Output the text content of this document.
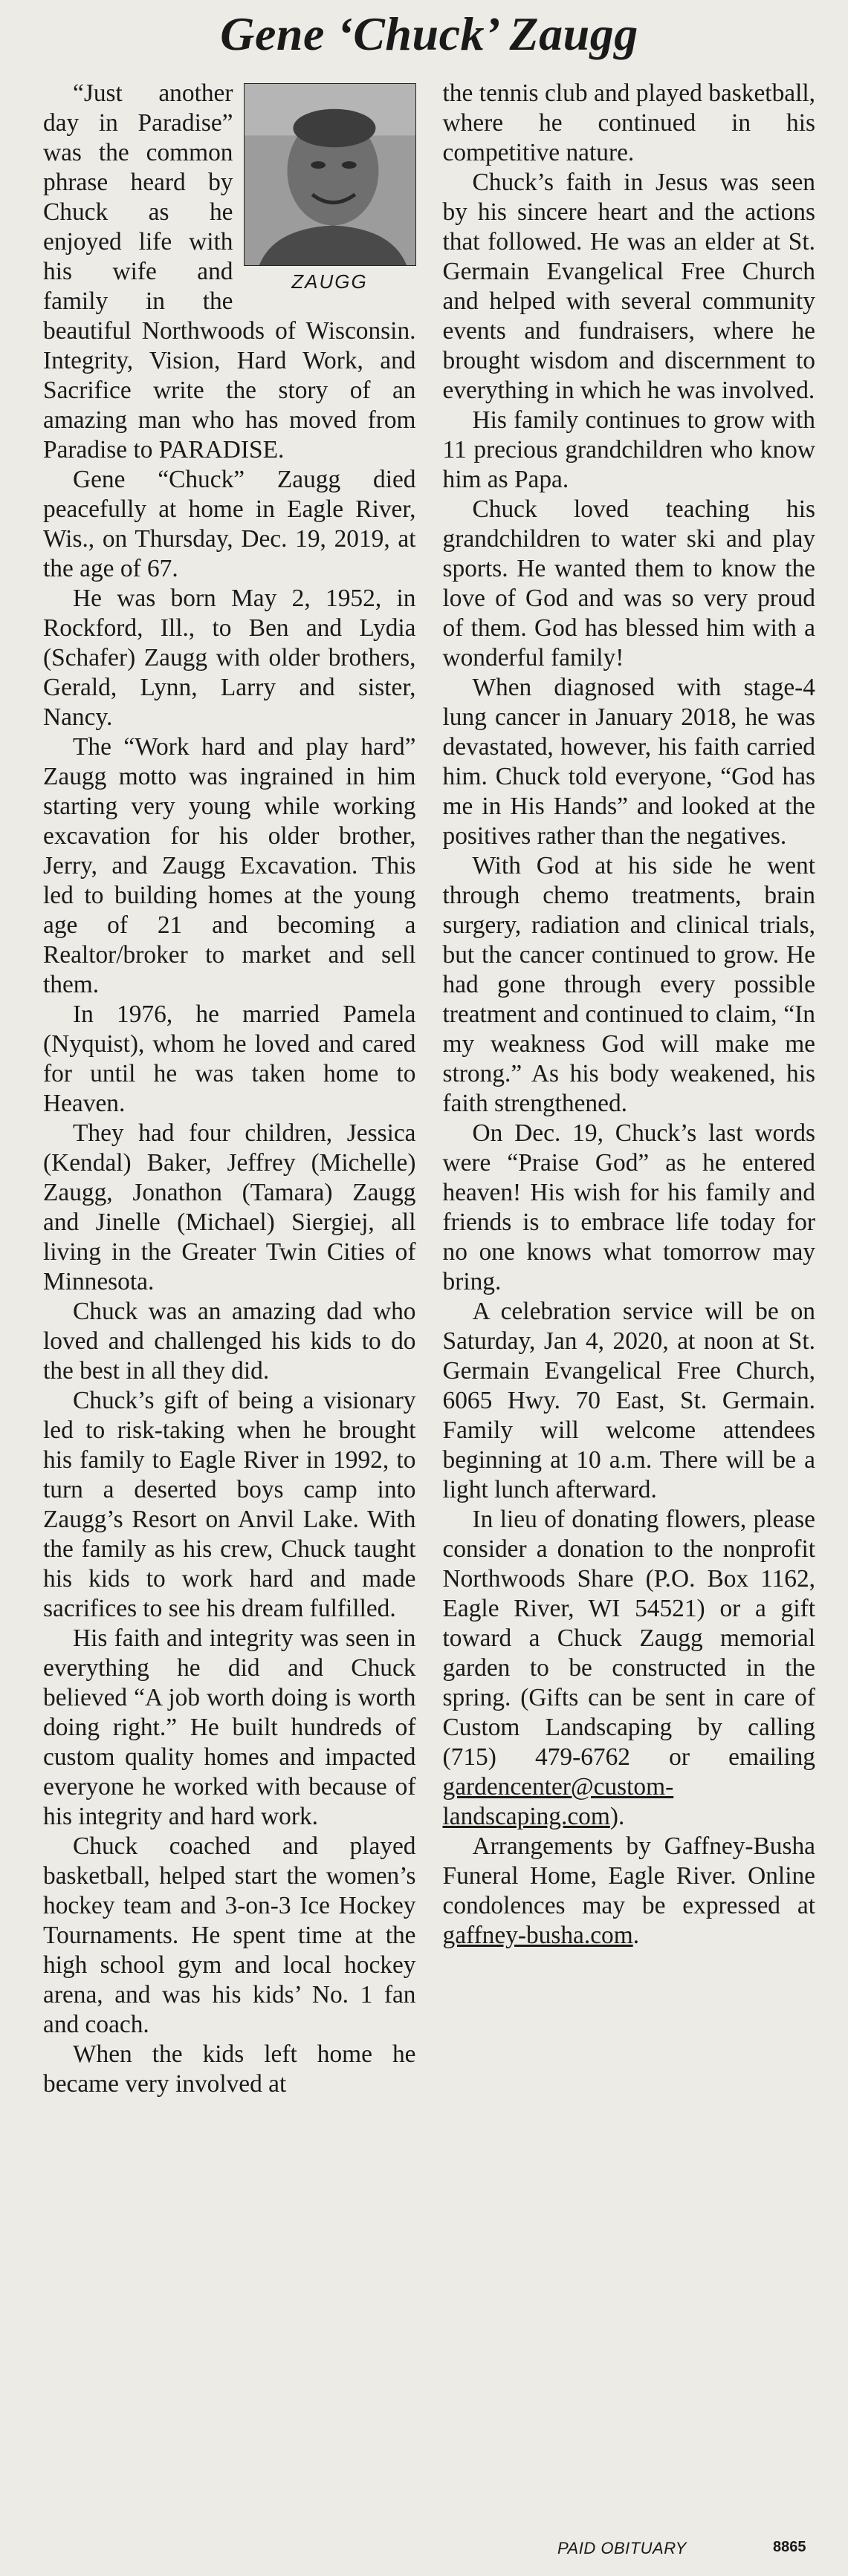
Gene ‘Chuck’ Zaugg
ZAUGG

“Just another day in Paradise” was the common phrase heard by Chuck as he enjoyed life with his wife and family in the beautiful Northwoods of Wisconsin. Integrity, Vision, Hard Work, and Sacrifice write the story of an amazing man who has moved from Paradise to PARADISE.

Gene “Chuck” Zaugg died peacefully at home in Eagle River, Wis., on Thursday, Dec. 19, 2019, at the age of 67.

He was born May 2, 1952, in Rockford, Ill., to Ben and Lydia (Schafer) Zaugg with older brothers, Gerald, Lynn, Larry and sister, Nancy.

The “Work hard and play hard” Zaugg motto was ingrained in him starting very young while working excavation for his older brother, Jerry, and Zaugg Excavation. This led to building homes at the young age of 21 and becoming a Realtor/broker to market and sell them.

In 1976, he married Pamela (Nyquist), whom he loved and cared for until he was taken home to Heaven.

They had four children, Jessica (Kendal) Baker, Jeffrey (Michelle) Zaugg, Jonathon (Tamara) Zaugg and Jinelle (Michael) Siergiej, all living in the Greater Twin Cities of Minnesota.

Chuck was an amazing dad who loved and challenged his kids to do the best in all they did.

Chuck’s gift of being a visionary led to risk-taking when he brought his family to Eagle River in 1992, to turn a deserted boys camp into Zaugg’s Resort on Anvil Lake. With the family as his crew, Chuck taught his kids to work hard and made sacrifices to see his dream fulfilled.

His faith and integrity was seen in everything he did and Chuck believed “A job worth doing is worth doing right.” He built hundreds of custom quality homes and impacted everyone he worked with because of his integrity and hard work.

Chuck coached and played basketball, helped start the women’s hockey team and 3-on-3 Ice Hockey Tournaments. He spent time at the high school gym and local hockey arena, and was his kids’ No. 1 fan and coach.

When the kids left home he became very involved at

the tennis club and played basketball, where he continued in his competitive nature.

Chuck’s faith in Jesus was seen by his sincere heart and the actions that followed. He was an elder at St. Germain Evangelical Free Church and helped with several community events and fundraisers, where he brought wisdom and discernment to everything in which he was involved.

His family continues to grow with 11 precious grandchildren who know him as Papa.

Chuck loved teaching his grandchildren to water ski and play sports. He wanted them to know the love of God and was so very proud of them. God has blessed him with a wonderful family!

When diagnosed with stage-4 lung cancer in January 2018, he was devastated, however, his faith carried him. Chuck told everyone, “God has me in His Hands” and looked at the positives rather than the negatives.

With God at his side he went through chemo treatments, brain surgery, radiation and clinical trials, but the cancer continued to grow. He had gone through every possible treatment and continued to claim, “In my weakness God will make me strong.” As his body weakened, his faith strengthened.

On Dec. 19, Chuck’s last words were “Praise God” as he entered heaven! His wish for his family and friends is to embrace life today for no one knows what tomorrow may bring.

A celebration service will be on Saturday, Jan 4, 2020, at noon at St. Germain Evangelical Free Church, 6065 Hwy. 70 East, St. Germain. Family will welcome attendees beginning at 10 a.m. There will be a light lunch afterward.

In lieu of donating flowers, please consider a donation to the nonprofit Northwoods Share (P.O. Box 1162, Eagle River, WI 54521) or a gift toward a Chuck Zaugg memorial garden to be constructed in the spring. (Gifts can be sent in care of Custom Landscaping by calling (715) 479-6762 or emailing gardencenter@custom-landscaping.com).

Arrangements by Gaffney-Busha Funeral Home, Eagle River. Online condolences may be expressed at gaffney-busha.com.

PAID OBITUARY	8865
